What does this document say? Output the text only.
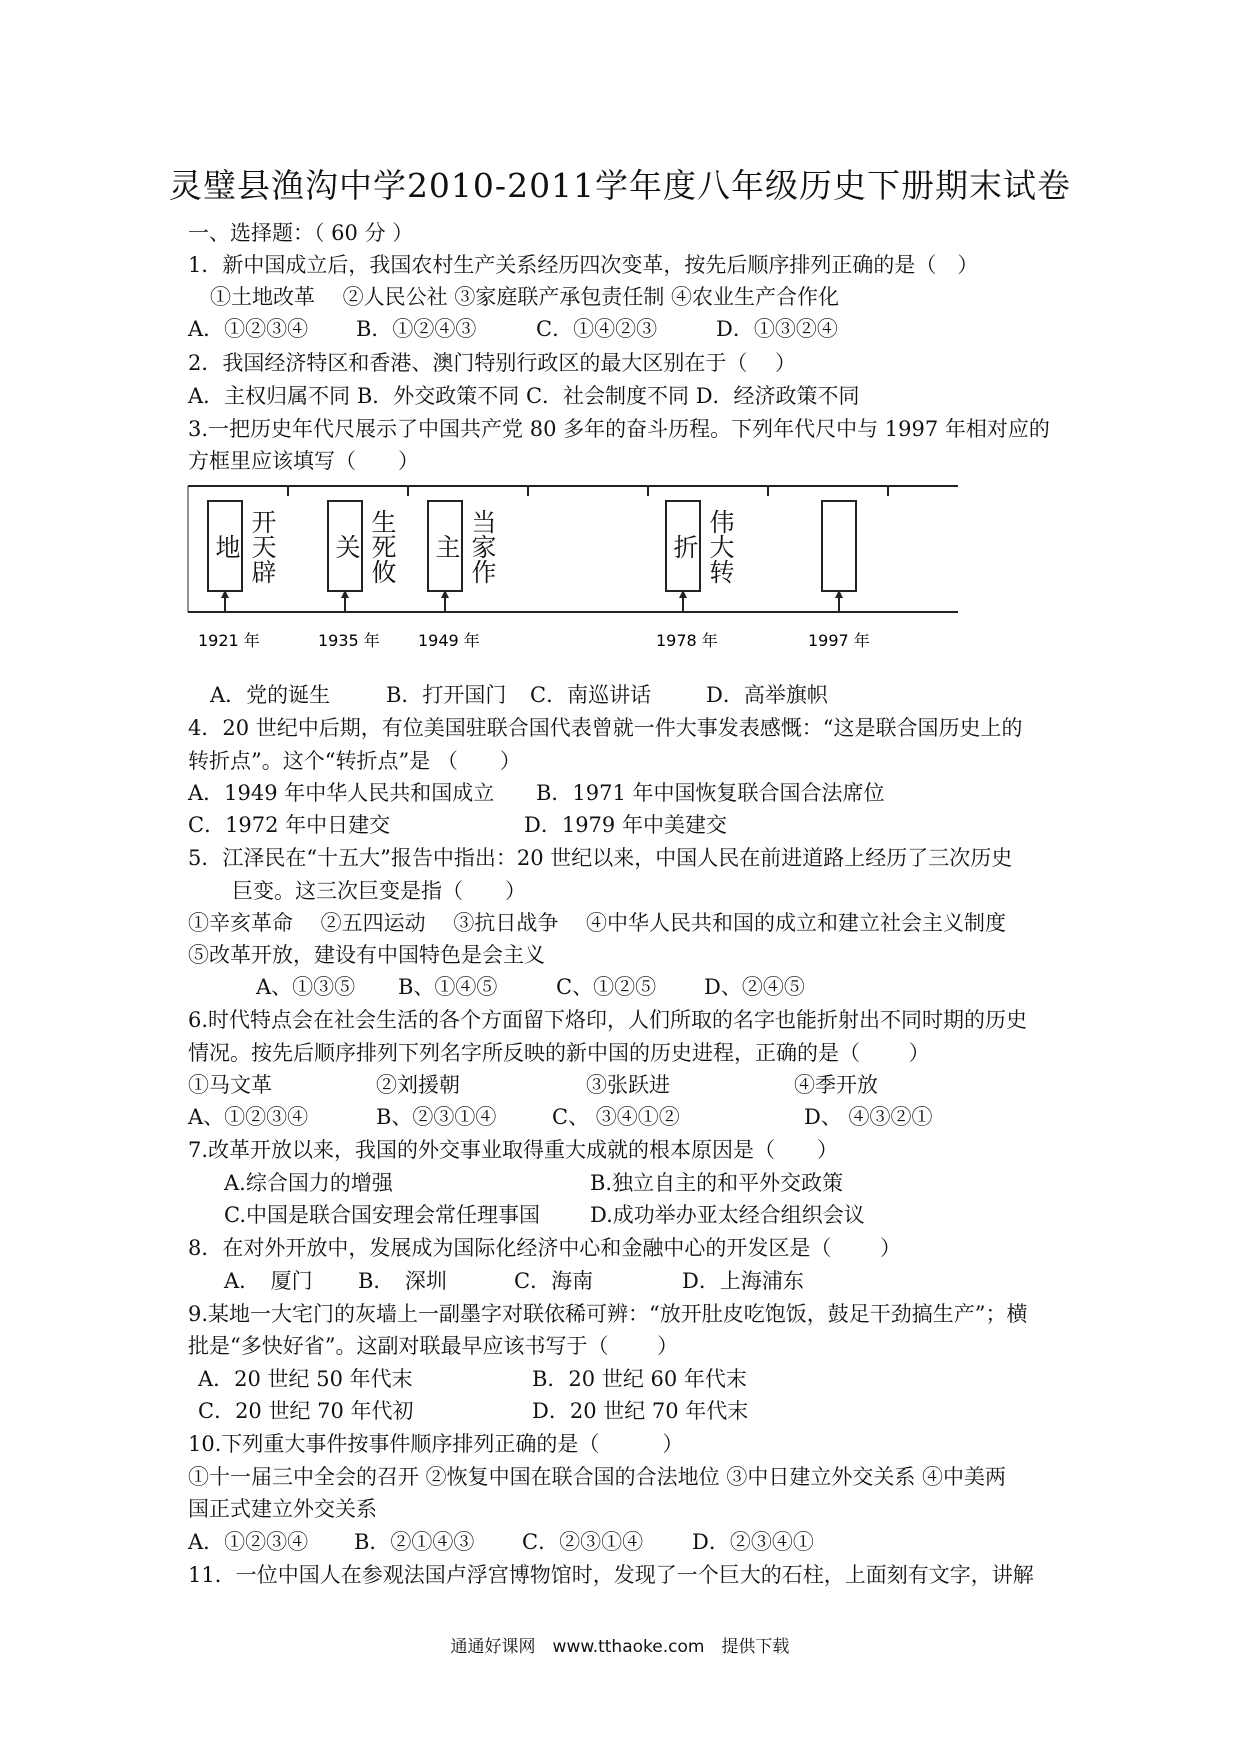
灵璧县渔沟中学2010-2011学年度八年级历史下册期末试卷
一、选择题：（ 60 分 ）
1．新中国成立后，我国农村生产关系经历四次变革，按先后顺序排列正确的是（　）
①土地改革　 ②人民公社 ③家庭联产承包责任制 ④农业生产合作化
A．①②③④ B．①②④③	C．①④②③	D．①③②④
2．我国经济特区和香港、澳门特别行政区的最大区别在于（　 ）
A．主权归属不同 B．外交政策不同 C．社会制度不同 D．经济政策不同
3.一把历史年代尺展示了中国共产党 80 多年的奋斗历程。下列年代尺中与 1997 年相对应的
方框里应该填写（　　）
开天辟地
1921 年
生死攸关
1935 年
当家作主
1949 年
伟大转折
1978 年	1997 年
A．党的诞生	B．打开国门 C．南巡讲话	D．高举旗帜
4．20 世纪中后期，有位美国驻联合国代表曾就一件大事发表感慨：“这是联合国历史上的
转折点”。这个“转折点”是 （　　）
A．1949 年中华人民共和国成立 B．1971 年中国恢复联合国合法席位
C．1972 年中日建交	D．1979 年中美建交
5．江泽民在“十五大”报告中指出：20 世纪以来，中国人民在前进道路上经历了三次历史
巨变。这三次巨变是指（　　）
①辛亥革命　 ②五四运动　 ③抗日战争　 ④中华人民共和国的成立和建立社会主义制度
⑤改革开放，建设有中国特色是会主义
A、①③⑤ B、①④⑤	C、①②⑤ D、②④⑤
6.时代特点会在社会生活的各个方面留下烙印，人们所取的名字也能折射出不同时期的历史
情况。按先后顺序排列下列名字所反映的新中国的历史进程，正确的是（　　 ）
①马文革	②刘援朝	③张跃进	④季开放
A、①②③④	B、②③①④	C、 ③④①②	D、 ④③②①
7.改革开放以来，我国的外交事业取得重大成就的根本原因是（　　）
A.综合国力的增强	B.独立自主的和平外交政策
C.中国是联合国安理会常任理事国 D.成功举办亚太经合组织会议
8．在对外开放中，发展成为国际化经济中心和金融中心的开发区是（　　 ）
A．　厦门 B．　深圳	C．海南	D．上海浦东
9.某地一大宅门的灰墙上一副墨字对联依稀可辨：“放开肚皮吃饱饭，鼓足干劲搞生产”；横
批是“多快好省”。这副对联最早应该书写于（　　 ）
A．20 世纪 50 年代末	B．20 世纪 60 年代末
C．20 世纪 70 年代初	D．20 世纪 70 年代末
10.下列重大事件按事件顺序排列正确的是（　　　）
①十一届三中全会的召开 ②恢复中国在联合国的合法地位 ③中日建立外交关系 ④中美两
国正式建立外交关系
A．①②③④ B．②①④③ C．②③①④ D．②③④①
11．一位中国人在参观法国卢浮宫博物馆时，发现了一个巨大的石柱，上面刻有文字，讲解
通通好课网　www.tthaoke.com　提供下载
